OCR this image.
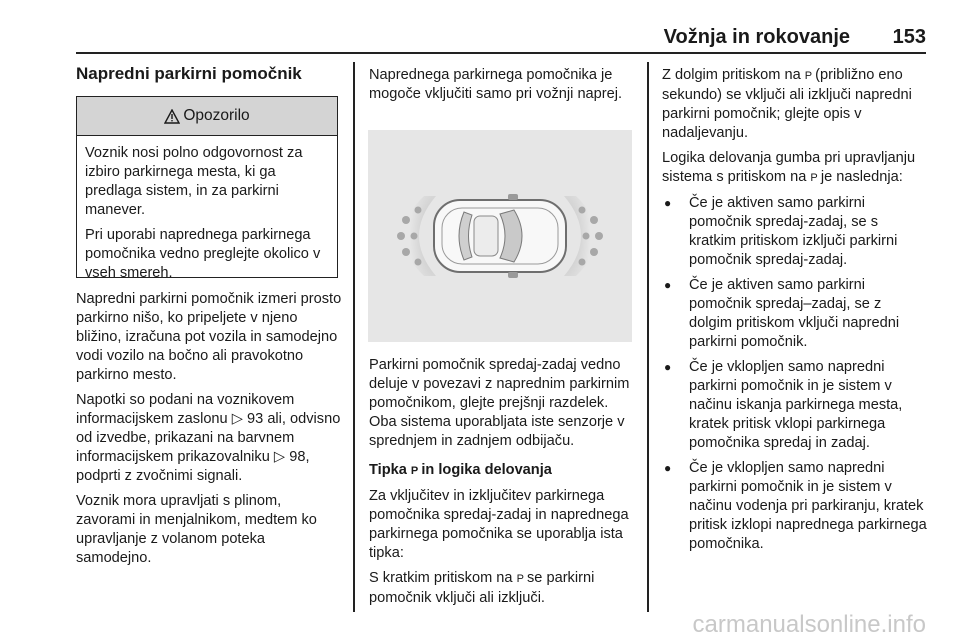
Vožnja in rokovanje	153
Napredni parkirni pomočnik
Opozorilo

Voznik nosi polno odgovornost za izbiro parkirnega mesta, ki ga predlaga sistem, in za parkirni manever.

Pri uporabi naprednega parkirnega pomočnika vedno preglejte okolico v vseh smereh.

Napredni parkirni pomočnik izmeri prosto parkirno nišo, ko pripeljete v njeno bližino, izračuna pot vozila in samodejno vodi vozilo na bočno ali pravokotno parkirno mesto.

Napotki so podani na voznikovem informacijskem zaslonu ▷ 93 ali, odvisno od izvedbe, prikazani na barvnem informacijskem prikazovalniku ▷ 98, podprti z zvočnimi signali.

Voznik mora upravljati s plinom, zavorami in menjalnikom, medtem ko upravljanje z volanom poteka samodejno.

Naprednega parkirnega pomočnika je mogoče vključiti samo pri vožnji naprej.

Parkirni pomočnik spredaj-zadaj vedno deluje v povezavi z naprednim parkirnim pomočnikom, glejte prejšnji razdelek. Oba sistema uporabljata iste senzorje v sprednjem in zadnjem odbijaču.

Tipka P in logika delovanja

Za vključitev in izključitev parkirnega pomočnika spredaj-zadaj in naprednega parkirnega pomočnika se uporablja ista tipka:

S kratkim pritiskom na P se parkirni pomočnik vključi ali izključi.

Z dolgim pritiskom na P (približno eno sekundo) se vključi ali izključi napredni parkirni pomočnik; glejte opis v nadaljevanju.

Logika delovanja gumba pri upravljanju sistema s pritiskom na P je naslednja:

● Če je aktiven samo parkirni pomočnik spredaj-zadaj, se s kratkim pritiskom izključi parkirni pomočnik spredaj-zadaj.
● Če je aktiven samo parkirni pomočnik spredaj–zadaj, se z dolgim pritiskom vključi napredni parkirni pomočnik.
● Če je vklopljen samo napredni parkirni pomočnik in je sistem v načinu iskanja parkirnega mesta, kratek pritisk vklopi parkirnega pomočnika spredaj in zadaj.
● Če je vklopljen samo napredni parkirni pomočnik in je sistem v načinu vodenja pri parkiranju, kratek pritisk izklopi naprednega parkirnega pomočnika.
carmanualsonline.info
